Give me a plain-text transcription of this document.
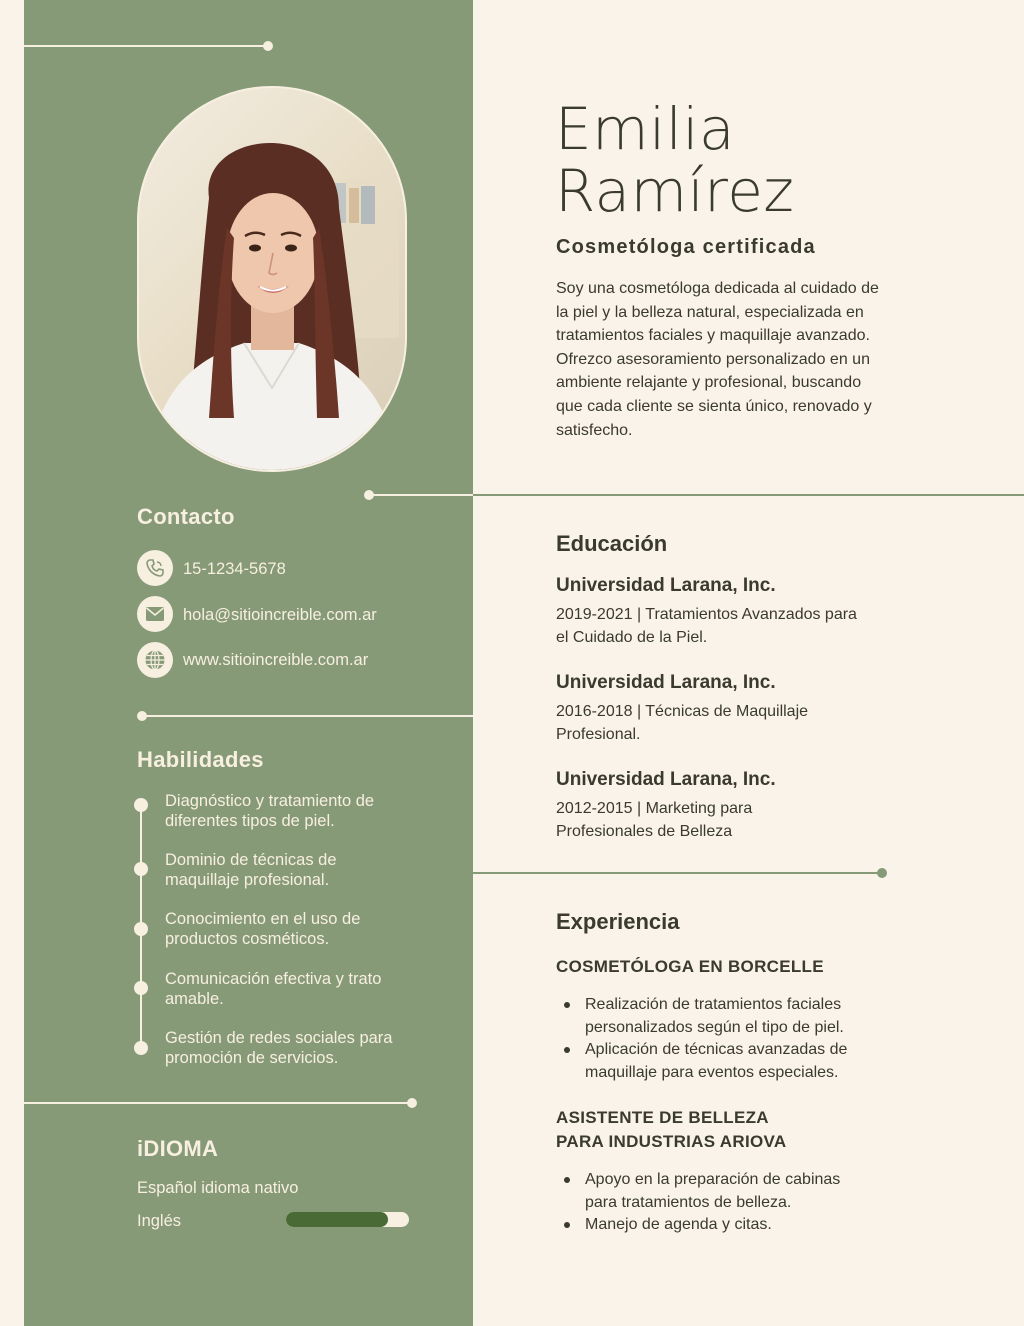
Contacto
15-1234-5678
hola@sitioincreible.com.ar
www.sitioincreible.com.ar
Habilidades
Diagnóstico y tratamiento de diferentes tipos de piel.
Dominio de técnicas de maquillaje profesional.
Conocimiento en el uso de productos cosméticos.
Comunicación efectiva y trato amable.
Gestión de redes sociales para promoción de servicios.
iDIOMA
Español idioma nativo
Inglés
Emilia
Ramírez
Cosmetóloga certificada
Soy una cosmetóloga dedicada al cuidado de la piel y la belleza natural, especializada en tratamientos faciales y maquillaje avanzado. Ofrezco asesoramiento personalizado en un ambiente relajante y profesional, buscando que cada cliente se sienta único, renovado y satisfecho.
Educación
Universidad Larana, Inc.
2019-2021 | Tratamientos Avanzados para el Cuidado de la Piel.
Universidad Larana, Inc.
2016-2018 | Técnicas de Maquillaje Profesional.
Universidad Larana, Inc.
2012-2015 | Marketing para Profesionales de Belleza
Experiencia
COSMETÓLOGA EN BORCELLE
Realización de tratamientos faciales personalizados según el tipo de piel.
Aplicación de técnicas avanzadas de maquillaje para eventos especiales.
ASISTENTE DE BELLEZA
PARA INDUSTRIAS ARIOVA
Apoyo en la preparación de cabinas para tratamientos de belleza.
Manejo de agenda y citas.
